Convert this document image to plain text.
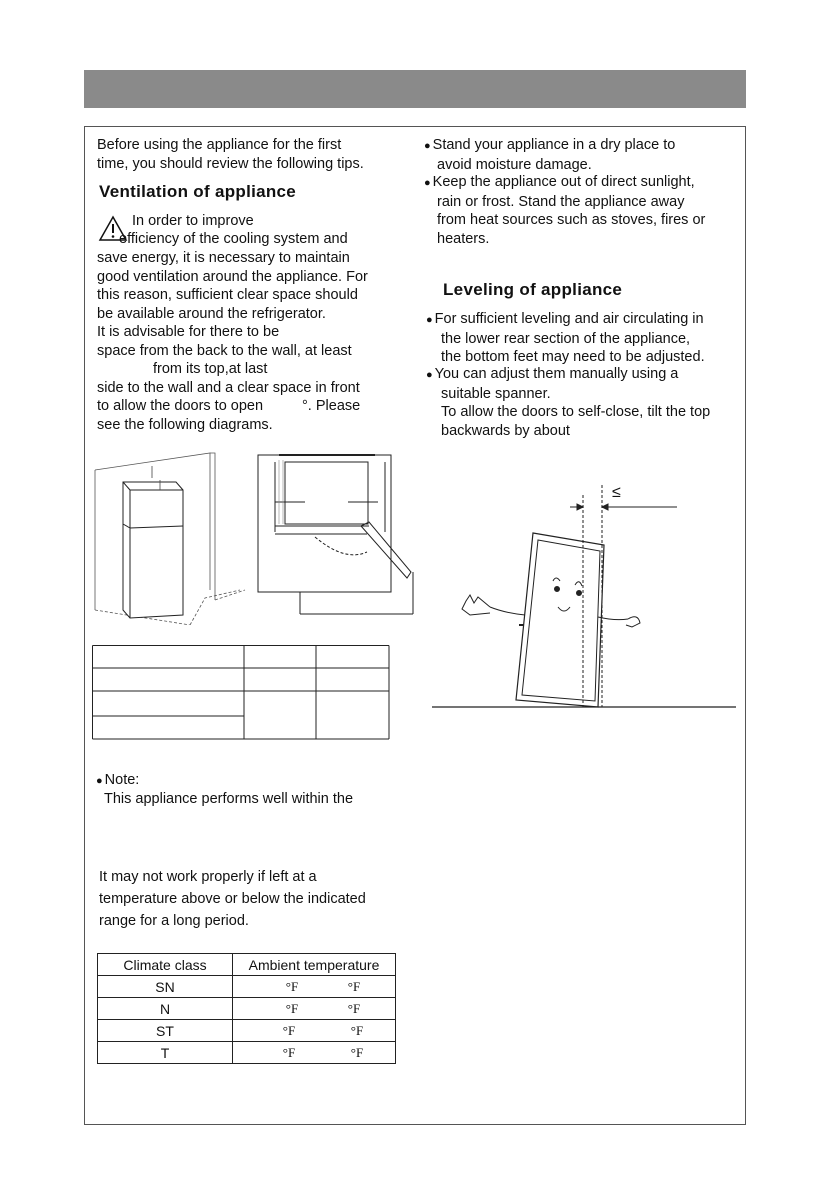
Before using the appliance for the first
time, you should review the following tips.
Ventilation of appliance
In order to improve
efficiency of the cooling system and
save energy, it is necessary to maintain
good ventilation around the appliance. For
this reason, sufficient clear space should
be available around the refrigerator.
It is advisable for there to be
space from the back to the wall, at least
from its top,at last
side to the wall and a clear space in front
to allow the doors to open	°. Please
see the following diagrams.
● Note:
This appliance performs well within the
It may not work properly if left at a
temperature above or below the indicated
range for a long period.
Climate class	Ambient temperature
SN	°F °F
N	°F °F
ST	°F °F
T	°F °F
● Stand your appliance in a dry place to
avoid moisture damage.
● Keep the appliance out of direct sunlight,
rain or frost. Stand the appliance away
from heat sources such as stoves, fires or
heaters.
Leveling of appliance
● For sufficient leveling and air circulating in
the lower rear section of the appliance,
the bottom feet may need to be adjusted.
● You can adjust them manually using a
suitable spanner.
To allow the doors to self-close, tilt the top
backwards by about
≤
